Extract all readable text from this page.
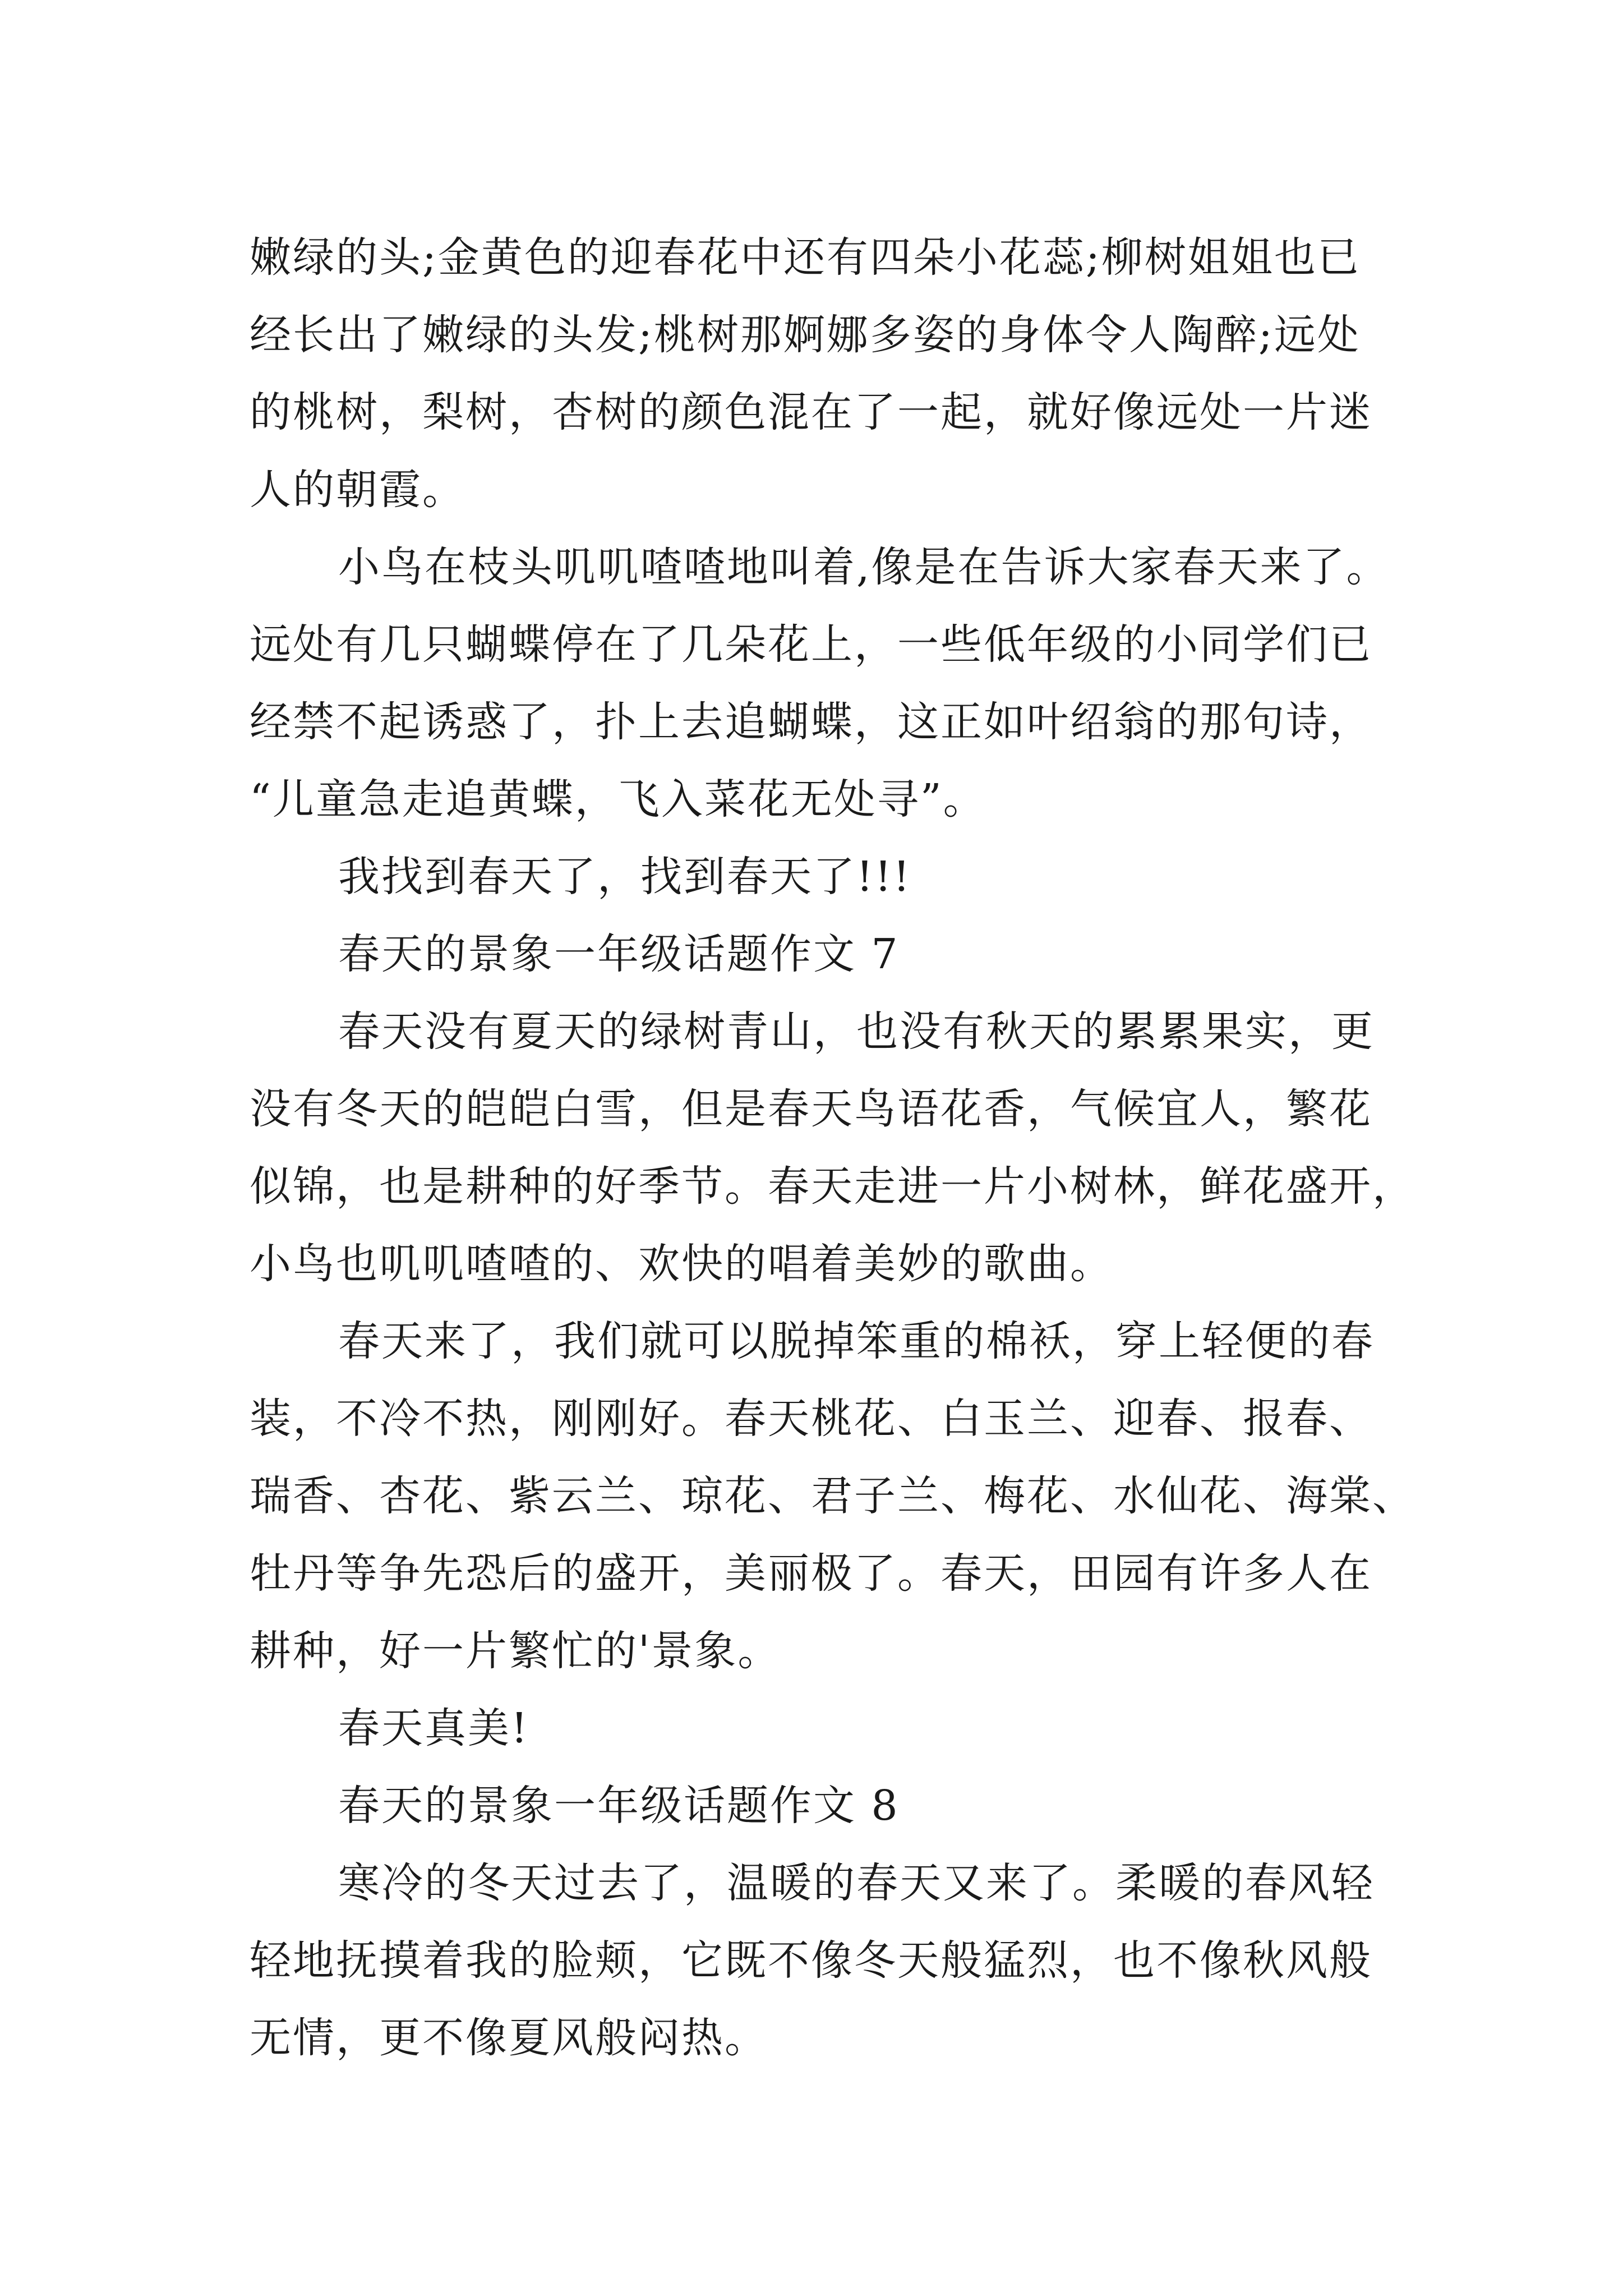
嫩绿的头;金黄色的迎春花中还有四朵小花蕊;柳树姐姐也已
经长出了嫩绿的头发;桃树那婀娜多姿的身体令人陶醉;远处
的桃树，梨树，杏树的颜色混在了一起，就好像远处一片迷
人的朝霞。
小鸟在枝头叽叽喳喳地叫着,像是在告诉大家春天来了。
远处有几只蝴蝶停在了几朵花上，一些低年级的小同学们已
经禁不起诱惑了，扑上去追蝴蝶，这正如叶绍翁的那句诗，
“儿童急走追黄蝶，飞入菜花无处寻”。
我找到春天了，找到春天了!!!
春天的景象一年级话题作文 7
春天没有夏天的绿树青山，也没有秋天的累累果实，更
没有冬天的皑皑白雪，但是春天鸟语花香，气候宜人，繁花
似锦，也是耕种的好季节。春天走进一片小树林，鲜花盛开，
小鸟也叽叽喳喳的、欢快的唱着美妙的歌曲。
春天来了，我们就可以脱掉笨重的棉袄，穿上轻便的春
装，不冷不热，刚刚好。春天桃花、白玉兰、迎春、报春、
瑞香、杏花、紫云兰、琼花、君子兰、梅花、水仙花、海棠、
牡丹等争先恐后的盛开，美丽极了。春天，田园有许多人在
耕种，好一片繁忙的'景象。
春天真美!
春天的景象一年级话题作文 8
寒冷的冬天过去了，温暖的春天又来了。柔暖的春风轻
轻地抚摸着我的脸颊，它既不像冬天般猛烈，也不像秋风般
无情，更不像夏风般闷热。
